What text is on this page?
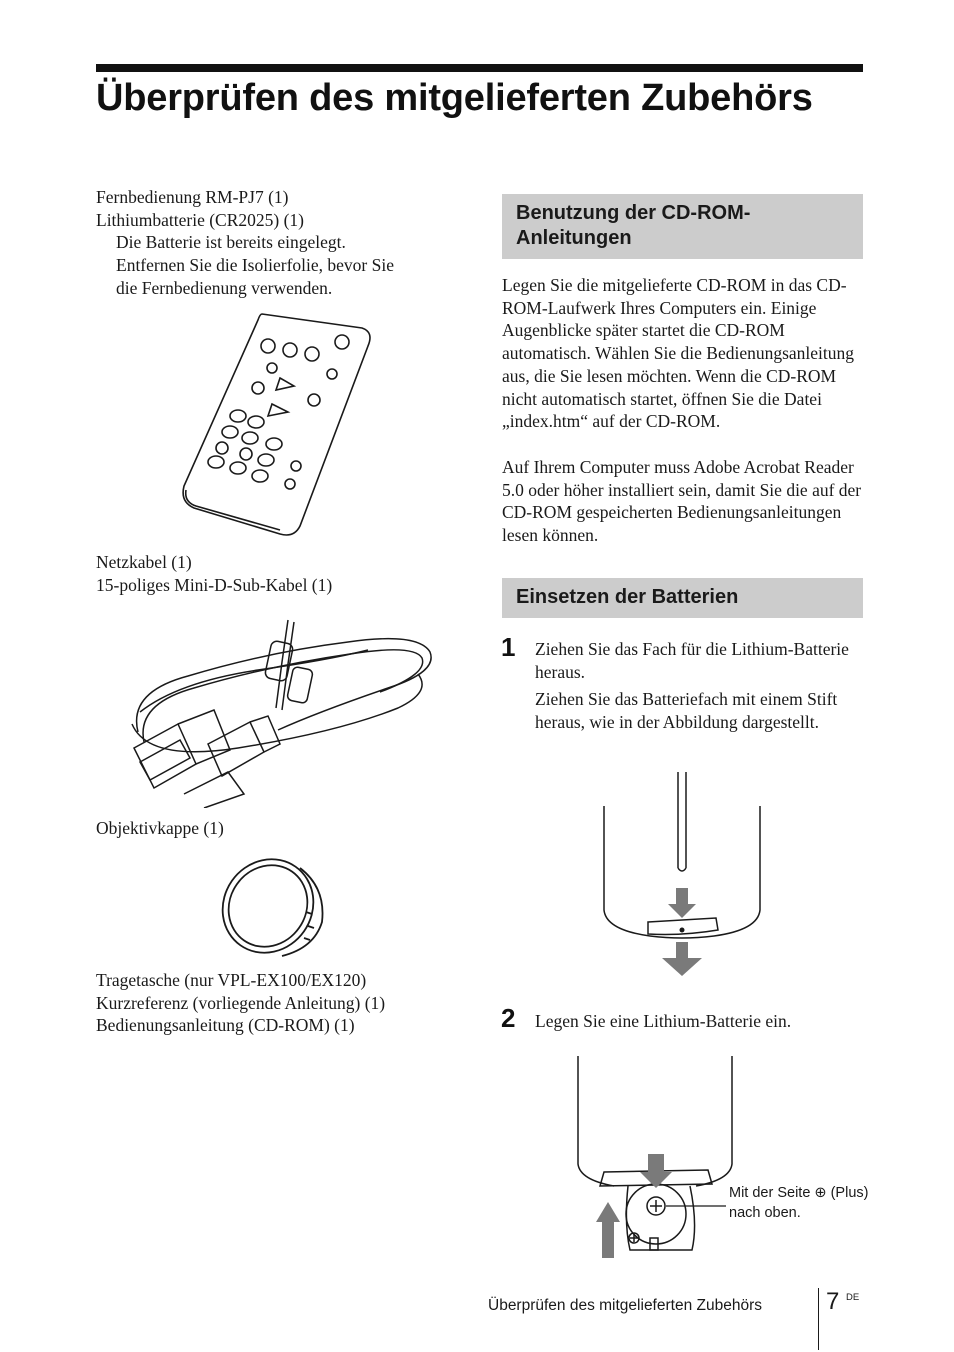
Überprüfen des mitgelieferten Zubehörs
Fernbedienung RM-PJ7 (1)
Lithiumbatterie (CR2025) (1)
Die Batterie ist bereits eingelegt.
Entfernen Sie die Isolierfolie, bevor Sie
die Fernbedienung verwenden.
Netzkabel (1)
15-poliges Mini-D-Sub-Kabel (1)
Objektivkappe (1)
Tragetasche (nur VPL-EX100/EX120)
Kurzreferenz (vorliegende Anleitung) (1)
Bedienungsanleitung (CD-ROM) (1)
Benutzung der CD-ROM-Anleitungen

Legen Sie die mitgelieferte CD-ROM in das CD-ROM-Laufwerk Ihres Computers ein. Einige Augenblicke später startet die CD-ROM automatisch. Wählen Sie die Bedienungsanleitung aus, die Sie lesen möchten. Wenn die CD-ROM nicht automatisch startet, öffnen Sie die Datei „index.htm“ auf der CD-ROM.

Auf Ihrem Computer muss Adobe Acrobat Reader 5.0 oder höher installiert sein, damit Sie die auf der CD-ROM gespeicherten Bedienungsanleitungen lesen können.

Einsetzen der Batterien
1 Ziehen Sie das Fach für die Lithium-Batterie heraus.

Ziehen Sie das Batteriefach mit einem Stift heraus, wie in der Abbildung dargestellt.

2 Legen Sie eine Lithium-Batterie ein.

Mit der Seite ⊕ (Plus) nach oben.
Überprüfen des mitgelieferten Zubehörs	7 DE
